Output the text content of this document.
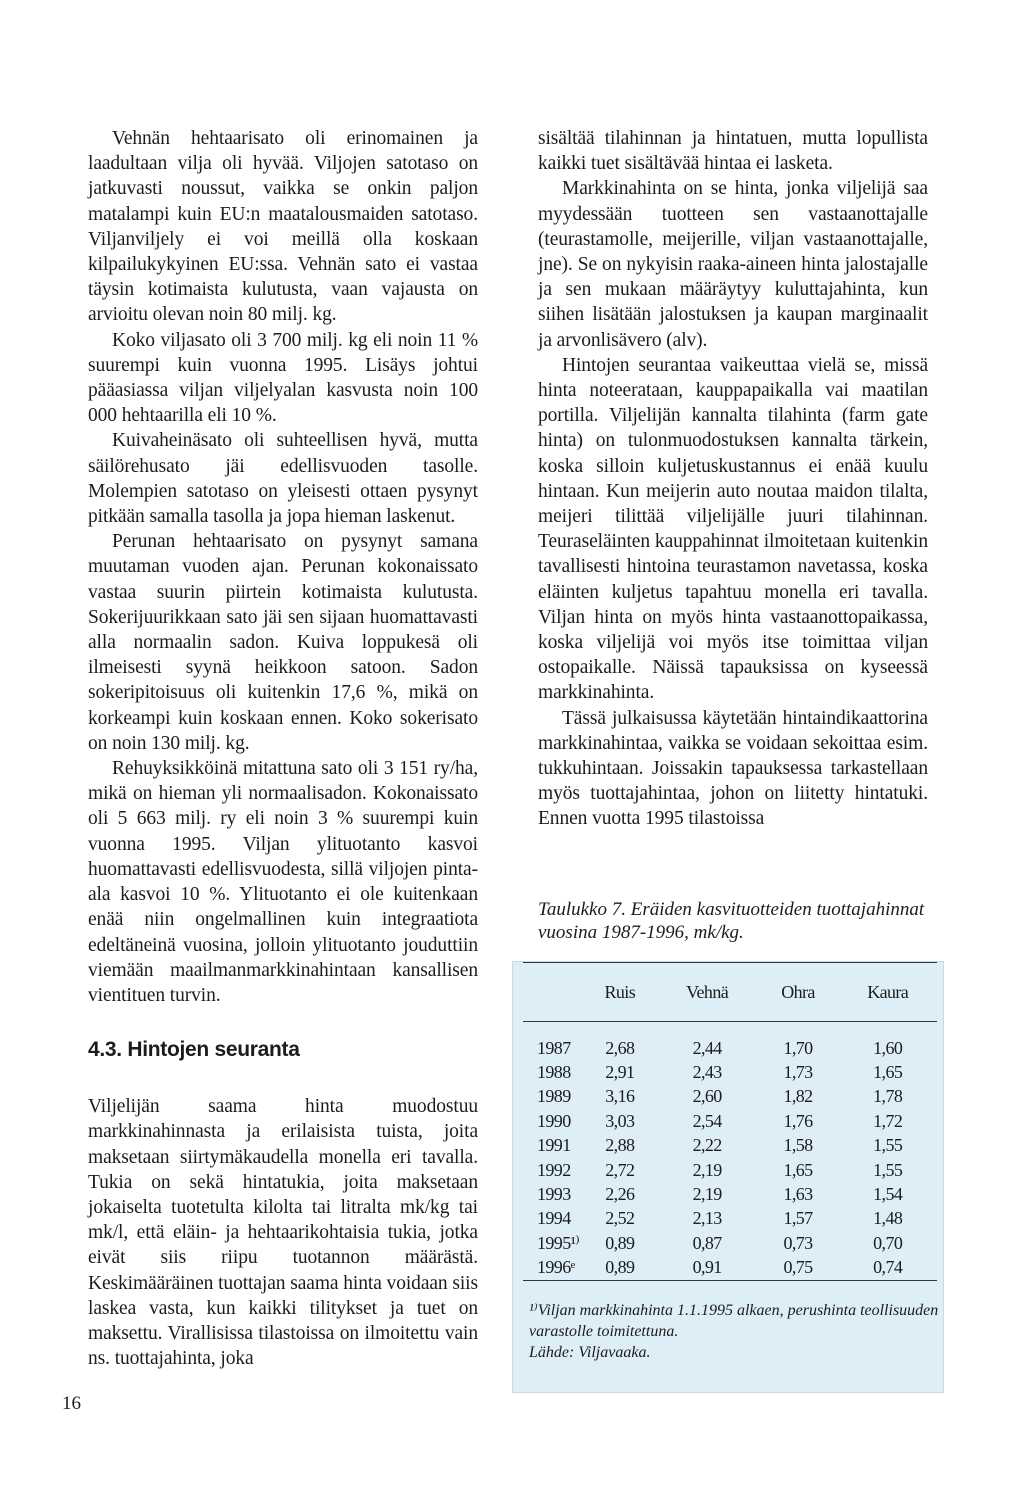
Vehnän hehtaarisato oli erinomainen ja laadultaan vilja oli hyvää. Viljojen satotaso on jatkuvasti noussut, vaikka se onkin paljon matalampi kuin EU:n maatalousmaiden satotaso. Viljanviljely ei voi meillä olla koskaan kilpailukykyinen EU:ssa. Vehnän sato ei vastaa täysin kotimaista kulutusta, vaan vajausta on arvioitu olevan noin 80 milj. kg.

Koko viljasato oli 3 700 milj. kg eli noin 11 % suurempi kuin vuonna 1995. Lisäys johtui pääasiassa viljan viljelyalan kasvusta noin 100 000 hehtaarilla eli 10 %.

Kuivaheinäsato oli suhteellisen hyvä, mutta säilörehusato jäi edellisvuoden tasolle. Molempien satotaso on yleisesti ottaen pysynyt pitkään samalla tasolla ja jopa hieman laskenut.

Perunan hehtaarisato on pysynyt samana muutaman vuoden ajan. Perunan kokonaissato vastaa suurin piirtein kotimaista kulutusta. Sokerijuurikkaan sato jäi sen sijaan huomattavasti alla normaalin sadon. Kuiva loppukesä oli ilmeisesti syynä heikkoon satoon. Sadon sokeripitoisuus oli kuitenkin 17,6 %, mikä on korkeampi kuin koskaan ennen. Koko sokerisato on noin 130 milj. kg.

Rehuyksikköinä mitattuna sato oli 3 151 ry/ha, mikä on hieman yli normaalisadon. Kokonaissato oli 5 663 milj. ry eli noin 3 % suurempi kuin vuonna 1995. Viljan ylituotanto kasvoi huomattavasti edellisvuodesta, sillä viljojen pinta-ala kasvoi 10 %. Ylituotanto ei ole kuitenkaan enää niin ongelmallinen kuin integraatiota edeltäneinä vuosina, jolloin ylituotanto jouduttiin viemään maailmanmarkkinahintaan kansallisen vientituen turvin.

4.3. Hintojen seuranta

Viljelijän saama hinta muodostuu markkinahinnasta ja erilaisista tuista, joita maksetaan siirtymäkaudella monella eri tavalla. Tukia on sekä hintatukia, joita maksetaan jokaiselta tuotetulta kilolta tai litralta mk/kg tai mk/l, että eläin- ja hehtaarikohtaisia tukia, jotka eivät siis riipu tuotannon määrästä. Keskimääräinen tuottajan saama hinta voidaan siis laskea vasta, kun kaikki tilitykset ja tuet on maksettu. Virallisissa tilastoissa on ilmoitettu vain ns. tuottajahinta, joka

sisältää tilahinnan ja hintatuen, mutta lopullista kaikki tuet sisältävää hintaa ei lasketa.

Markkinahinta on se hinta, jonka viljelijä saa myydessään tuotteen sen vastaanottajalle (teurastamolle, meijerille, viljan vastaanottajalle, jne). Se on nykyisin raaka-aineen hinta jalostajalle ja sen mukaan määräytyy kuluttajahinta, kun siihen lisätään jalostuksen ja kaupan marginaalit ja arvonlisävero (alv).

Hintojen seurantaa vaikeuttaa vielä se, missä hinta noteerataan, kauppapaikalla vai maatilan portilla. Viljelijän kannalta tilahinta (farm gate hinta) on tulonmuodostuksen kannalta tärkein, koska silloin kuljetuskustannus ei enää kuulu hintaan. Kun meijerin auto noutaa maidon tilalta, meijeri tilittää viljelijälle juuri tilahinnan. Teuraseläinten kauppahinnat ilmoitetaan kuitenkin tavallisesti hintoina teurastamon navetassa, koska eläinten kuljetus tapahtuu monella eri tavalla. Viljan hinta on myös hinta vastaanottopaikassa, koska viljelijä voi myös itse toimittaa viljan ostopaikalle. Näissä tapauksissa on kyseessä markkinahinta.

Tässä julkaisussa käytetään hintaindikaattorina markkinahintaa, vaikka se voidaan sekoittaa esim. tukkuhintaan. Joissakin tapauksessa tarkastellaan myös tuottajahintaa, johon on liitetty hintatuki. Ennen vuotta 1995 tilastoissa

Taulukko 7. Eräiden kasvituotteiden tuottajahinnat vuosina 1987-1996, mk/kg.

	Ruis	Vehnä	Ohra	Kaura

1987	2,68	2,44	1,70	1,60
1988	2,91	2,43	1,73	1,65
1989	3,16	2,60	1,82	1,78
1990	3,03	2,54	1,76	1,72
1991	2,88	2,22	1,58	1,55
1992	2,72	2,19	1,65	1,55
1993	2,26	2,19	1,63	1,54
1994	2,52	2,13	1,57	1,48
1995¹⁾	0,89	0,87	0,73	0,70
1996ᵉ	0,89	0,91	0,75	0,74

¹⁾Viljan markkinahinta 1.1.1995 alkaen, perushinta teollisuuden varastolle toimitettuna.
Lähde: Viljavaaka.

16
